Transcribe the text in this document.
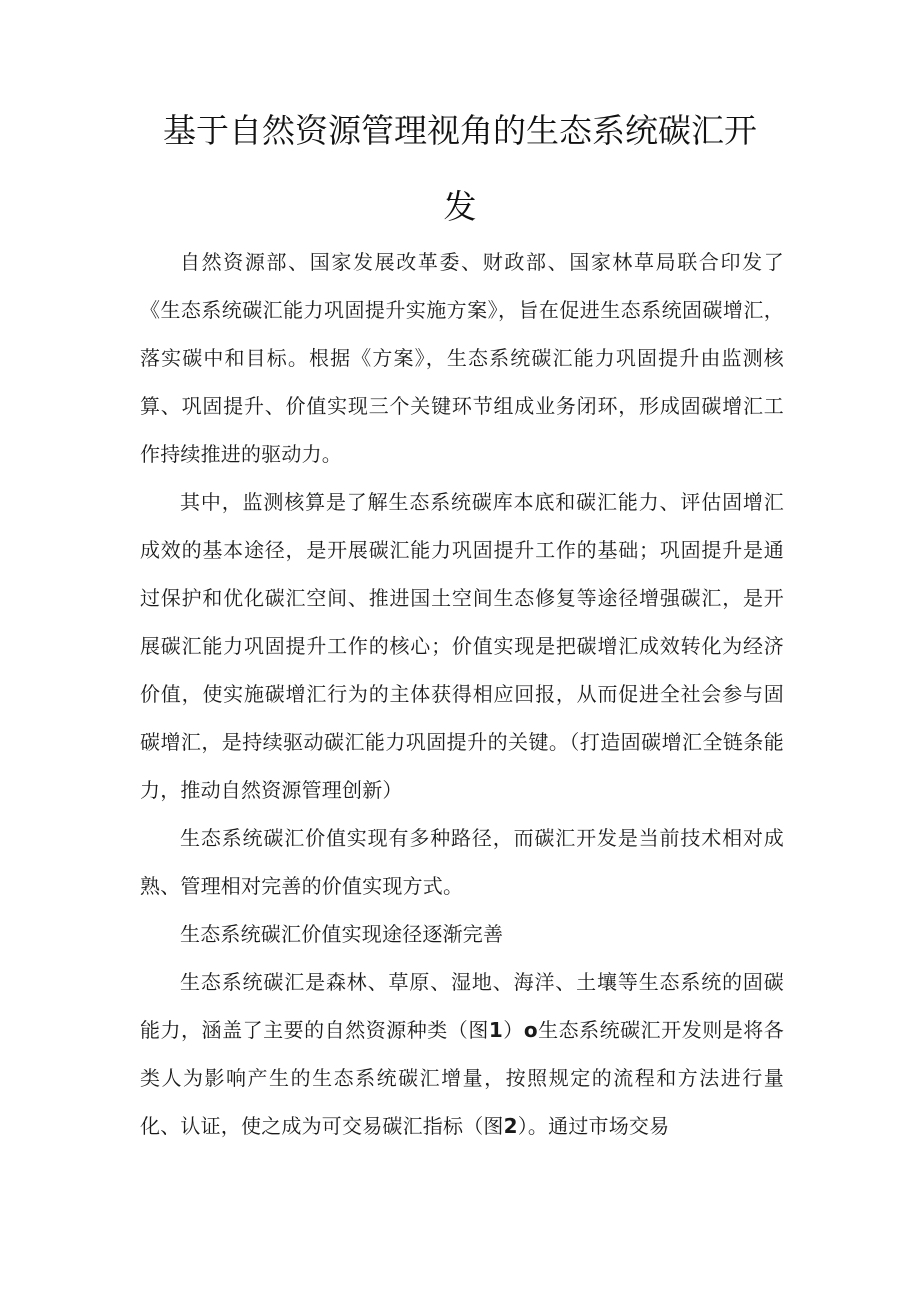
基于自然资源管理视角的生态系统碳汇开
发

自然资源部、国家发展改革委、财政部、国家林草局联合印发了《生态系统碳汇能力巩固提升实施方案》，旨在促进生态系统固碳增汇，落实碳中和目标。根据《方案》，生态系统碳汇能力巩固提升由监测核算、巩固提升、价值实现三个关键环节组成业务闭环，形成固碳增汇工作持续推进的驱动力。

其中，监测核算是了解生态系统碳库本底和碳汇能力、评估固增汇成效的基本途径，是开展碳汇能力巩固提升工作的基础；巩固提升是通过保护和优化碳汇空间、推进国土空间生态修复等途径增强碳汇，是开展碳汇能力巩固提升工作的核心；价值实现是把碳增汇成效转化为经济价值，使实施碳增汇行为的主体获得相应回报，从而促进全社会参与固碳增汇，是持续驱动碳汇能力巩固提升的关键。（打造固碳增汇全链条能力，推动自然资源管理创新）

生态系统碳汇价值实现有多种路径，而碳汇开发是当前技术相对成熟、管理相对完善的价值实现方式。

生态系统碳汇价值实现途径逐渐完善

生态系统碳汇是森林、草原、湿地、海洋、土壤等生态系统的固碳能力，涵盖了主要的自然资源种类（图1）o生态系统碳汇开发则是将各类人为影响产生的生态系统碳汇增量，按照规定的流程和方法进行量化、认证，使之成为可交易碳汇指标（图2）。通过市场交易
